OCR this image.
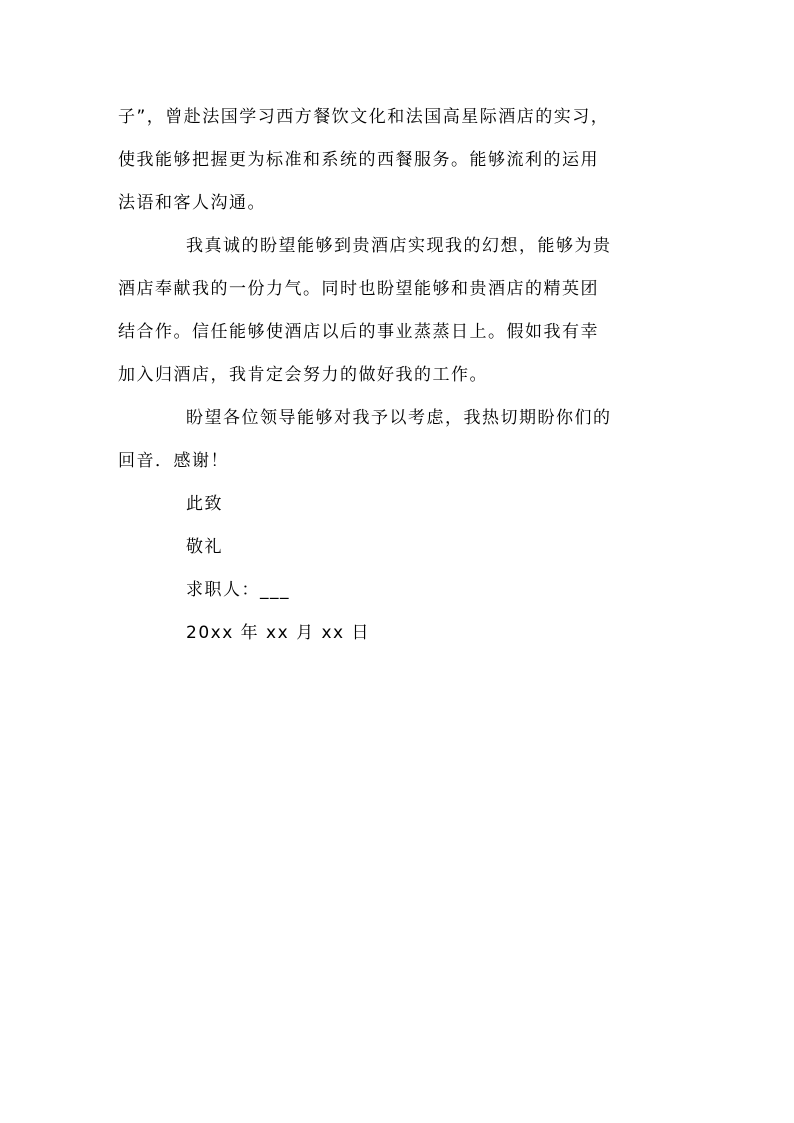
子”，曾赴法国学习西方餐饮文化和法国高星际酒店的实习，
使我能够把握更为标准和系统的西餐服务。能够流利的运用
法语和客人沟通。
我真诚的盼望能够到贵酒店实现我的幻想，能够为贵
酒店奉献我的一份力气。同时也盼望能够和贵酒店的精英团
结合作。信任能够使酒店以后的事业蒸蒸日上。假如我有幸
加入归酒店，我肯定会努力的做好我的工作。
盼望各位领导能够对我予以考虑，我热切期盼你们的
回音．感谢！
此致
敬礼
求职人：___
20xx 年 xx 月 xx 日
